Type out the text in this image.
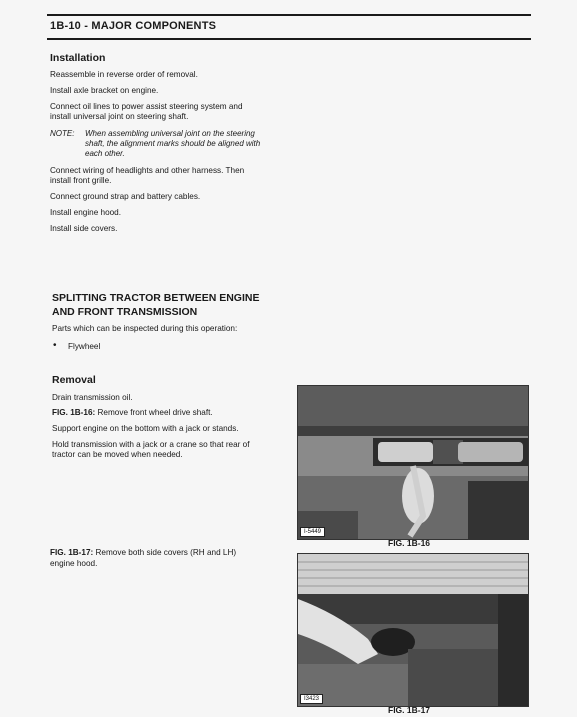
1B-10 - MAJOR COMPONENTS
Installation
Reassemble in reverse order of removal.
Install axle bracket on engine.
Connect oil lines to power assist steering system and
install universal joint on steering shaft.
NOTE: When assembling universal joint on the steering
shaft, the alignment marks should be aligned with
each other.
Connect wiring of headlights and other harness. Then
install front grille.
Connect ground strap and battery cables.
Install engine hood.
Install side covers.
SPLITTING TRACTOR BETWEEN ENGINE
AND FRONT TRANSMISSION
Parts which can be inspected during this operation:
• Flywheel
Removal
Drain transmission oil.
FIG. 1B-16: Remove front wheel drive shaft.
Support engine on the bottom with a jack or stands.
Hold transmission with a jack or a crane so that rear of
tractor can be moved when needed.
FIG. 1B-17: Remove both side covers (RH and LH)
engine hood.
I-5449
FIG. 1B-16
I3423
FIG. 1B-17
